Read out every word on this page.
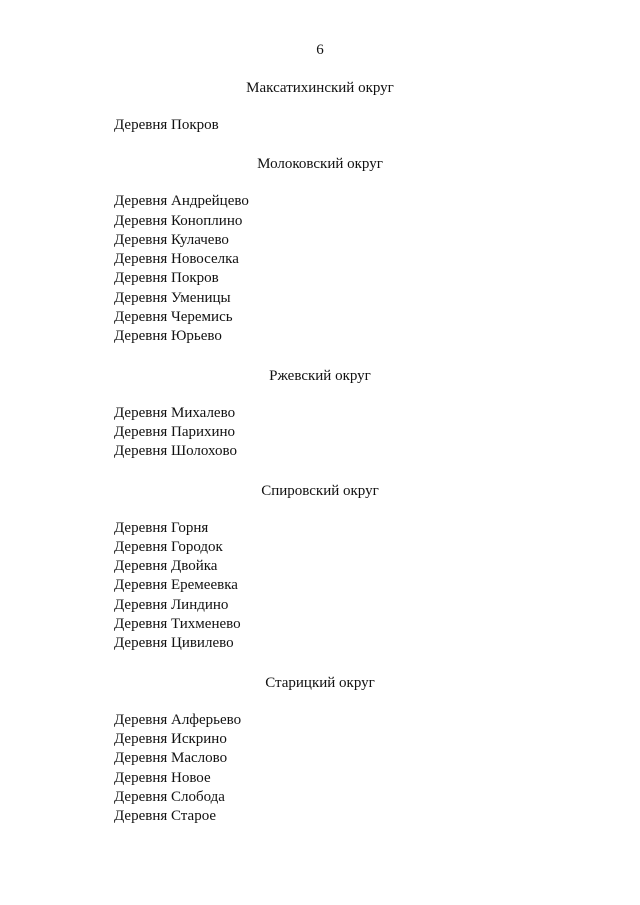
6
Максатихинский округ
Деревня Покров
Молоковский округ
Деревня Андрейцево
Деревня Коноплино
Деревня Кулачево
Деревня Новоселка
Деревня Покров
Деревня Уменицы
Деревня Черемись
Деревня Юрьево
Ржевский округ
Деревня Михалево
Деревня Парихино
Деревня Шолохово
Спировский округ
Деревня Горня
Деревня Городок
Деревня Двойка
Деревня Еремеевка
Деревня Линдино
Деревня Тихменево
Деревня Цивилево
Старицкий округ
Деревня Алферьево
Деревня Искрино
Деревня Маслово
Деревня Новое
Деревня Слобода
Деревня Старое
